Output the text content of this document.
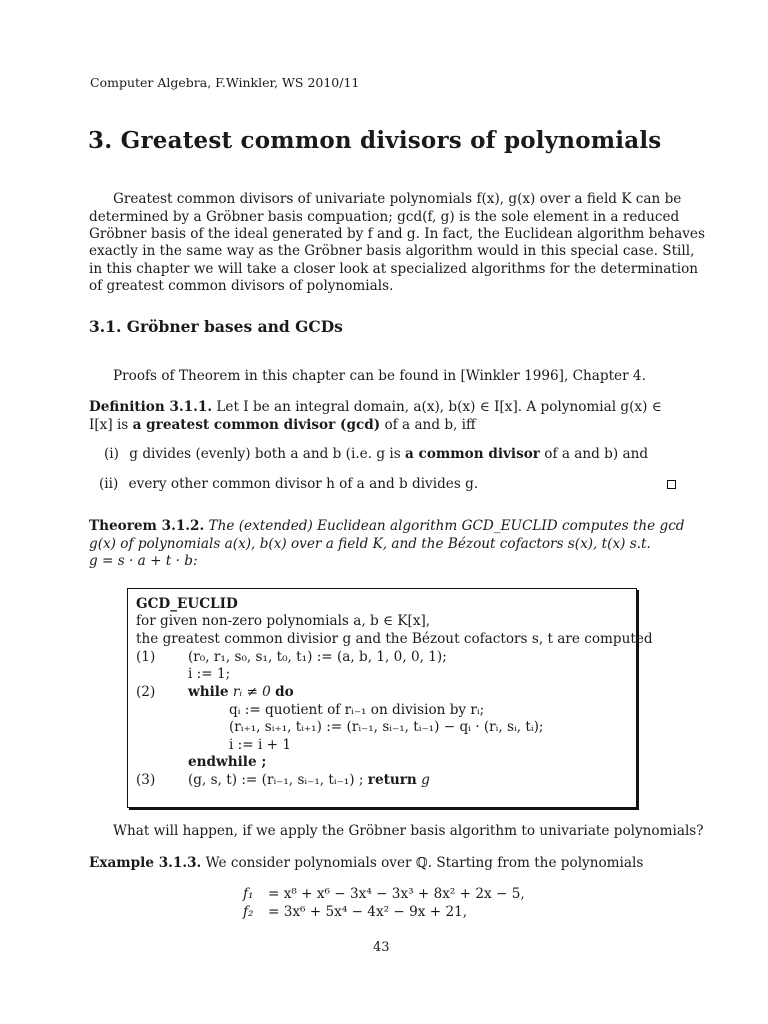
Computer Algebra, F.Winkler, WS 2010/11
3. Greatest common divisors of polynomials
Greatest common divisors of univariate polynomials f(x), g(x) over a field K can be
determined by a Gröbner basis compuation; gcd(f, g) is the sole element in a reduced
Gröbner basis of the ideal generated by f and g. In fact, the Euclidean algorithm behaves
exactly in the same way as the Gröbner basis algorithm would in this special case. Still,
in this chapter we will take a closer look at specialized algorithms for the determination
of greatest common divisors of polynomials.
3.1. Gröbner bases and GCDs
Proofs of Theorem in this chapter can be found in [Winkler 1996], Chapter 4.
Definition 3.1.1. Let I be an integral domain, a(x), b(x) ∈ I[x]. A polynomial g(x) ∈
I[x] is a greatest common divisor (gcd) of a and b, iff
(i) g divides (evenly) both a and b (i.e. g is a common divisor of a and b) and
(ii) every other common divisor h of a and b divides g.
Theorem 3.1.2. The (extended) Euclidean algorithm GCD_EUCLID computes the gcd
g(x) of polynomials a(x), b(x) over a field K, and the Bézout cofactors s(x), t(x) s.t.
g = s · a + t · b:
GCD_EUCLID
for given non-zero polynomials a, b ∈ K[x],
the greatest common divisior g and the Bézout cofactors s, t are computed
(1) (r₀, r₁, s₀, s₁, t₀, t₁) := (a, b, 1, 0, 0, 1);
i := 1;
(2) while rᵢ ≠ 0 do
qᵢ := quotient of rᵢ₋₁ on division by rᵢ;
(rᵢ₊₁, sᵢ₊₁, tᵢ₊₁) := (rᵢ₋₁, sᵢ₋₁, tᵢ₋₁) − qᵢ · (rᵢ, sᵢ, tᵢ);
i := i + 1
endwhile ;
(3) (g, s, t) := (rᵢ₋₁, sᵢ₋₁, tᵢ₋₁) ; return g
What will happen, if we apply the Gröbner basis algorithm to univariate polynomials?
Example 3.1.3. We consider polynomials over ℚ. Starting from the polynomials
f₁ = x⁸ + x⁶ − 3x⁴ − 3x³ + 8x² + 2x − 5,
f₂ = 3x⁶ + 5x⁴ − 4x² − 9x + 21,
43
